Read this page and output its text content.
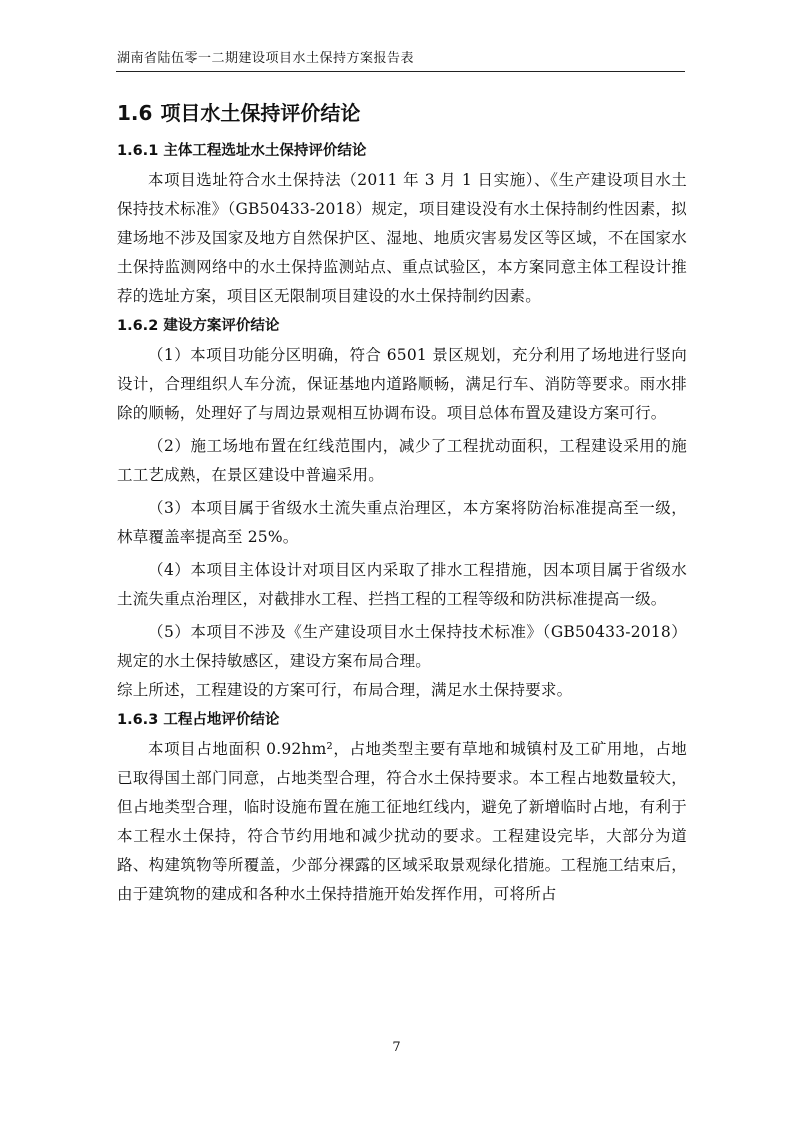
湖南省陆伍零一二期建设项目水土保持方案报告表
1.6 项目水土保持评价结论
1.6.1 主体工程选址水土保持评价结论

本项目选址符合水土保持法（2011 年 3 月 1 日实施）、《生产建设项目水土保持技术标准》（GB50433-2018）规定，项目建设没有水土保持制约性因素，拟建场地不涉及国家及地方自然保护区、湿地、地质灾害易发区等区域，不在国家水土保持监测网络中的水土保持监测站点、重点试验区，本方案同意主体工程设计推荐的选址方案，项目区无限制项目建设的水土保持制约因素。

1.6.2 建设方案评价结论

（1）本项目功能分区明确，符合 6501 景区规划，充分利用了场地进行竖向设计，合理组织人车分流，保证基地内道路顺畅，满足行车、消防等要求。雨水排除的顺畅，处理好了与周边景观相互协调布设。项目总体布置及建设方案可行。

（2）施工场地布置在红线范围内，减少了工程扰动面积，工程建设采用的施工工艺成熟，在景区建设中普遍采用。

（3）本项目属于省级水土流失重点治理区，本方案将防治标准提高至一级，林草覆盖率提高至 25%。

（4）本项目主体设计对项目区内采取了排水工程措施，因本项目属于省级水土流失重点治理区，对截排水工程、拦挡工程的工程等级和防洪标准提高一级。

（5）本项目不涉及《生产建设项目水土保持技术标准》（GB50433-2018）规定的水土保持敏感区，建设方案布局合理。

综上所述，工程建设的方案可行，布局合理，满足水土保持要求。

1.6.3 工程占地评价结论

本项目占地面积 0.92hm²，占地类型主要有草地和城镇村及工矿用地，占地已取得国土部门同意，占地类型合理，符合水土保持要求。本工程占地数量较大，但占地类型合理，临时设施布置在施工征地红线内，避免了新增临时占地，有利于本工程水土保持，符合节约用地和减少扰动的要求。工程建设完毕，大部分为道路、构建筑物等所覆盖，少部分裸露的区域采取景观绿化措施。工程施工结束后，由于建筑物的建成和各种水土保持措施开始发挥作用，可将所占

7
